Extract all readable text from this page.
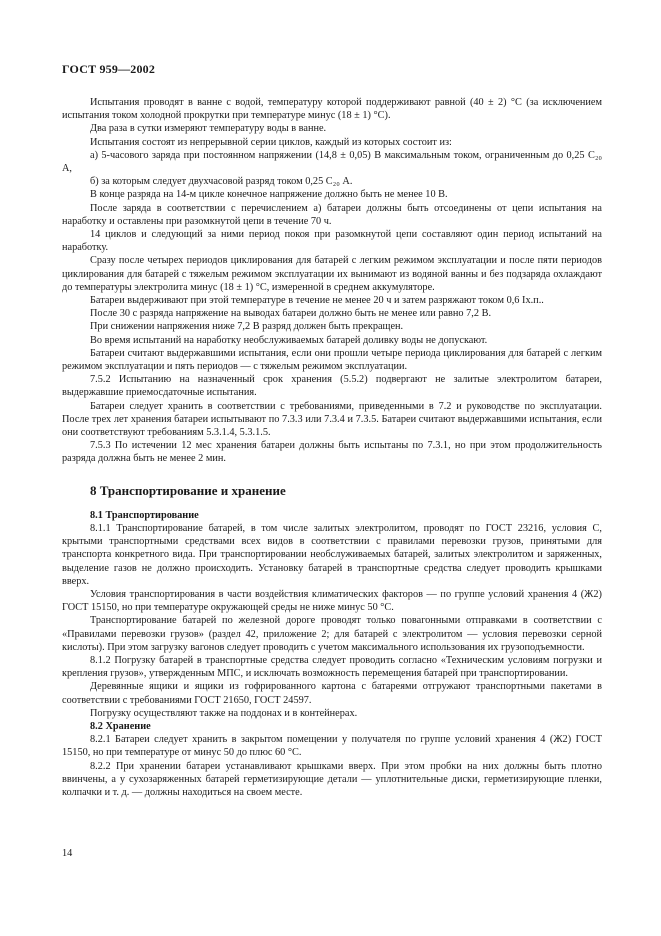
ГОСТ 959—2002

Испытания проводят в ванне с водой, температуру которой поддерживают равной (40 ± 2) °С (за исключением испытания током холодной прокрутки при температуре минус (18 ± 1) °С).

Два раза в сутки измеряют температуру воды в ванне.

Испытания состоят из непрерывной серии циклов, каждый из которых состоит из:

а) 5-часового заряда при постоянном напряжении (14,8 ± 0,05) В максимальным током, ограниченным до 0,25 C₂₀ А,

б) за которым следует двухчасовой разряд током 0,25 C₂₀ А.

В конце разряда на 14-м цикле конечное напряжение должно быть не менее 10 В.

После заряда в соответствии с перечислением а) батареи должны быть отсоединены от цепи испытания на наработку и оставлены при разомкнутой цепи в течение 70 ч.

14 циклов и следующий за ними период покоя при разомкнутой цепи составляют один период испытаний на наработку.

Сразу после четырех периодов циклирования для батарей с легким режимом эксплуатации и после пяти периодов циклирования для батарей с тяжелым режимом эксплуатации их вынимают из водяной ванны и без подзаряда охлаждают до температуры электролита минус (18 ± 1) °С, измеренной в среднем аккумуляторе.

Батареи выдерживают при этой температуре в течение не менее 20 ч и затем разряжают током 0,6 Iх.п..

После 30 с разряда напряжение на выводах батареи должно быть не менее или равно 7,2 В.

При снижении напряжения ниже 7,2 В разряд должен быть прекращен.

Во время испытаний на наработку необслуживаемых батарей доливку воды не допускают.

Батареи считают выдержавшими испытания, если они прошли четыре периода циклирования для батарей с легким режимом эксплуатации и пять периодов — с тяжелым режимом эксплуатации.

7.5.2 Испытанию на назначенный срок хранения (5.5.2) подвергают не залитые электролитом батареи, выдержавшие приемосдаточные испытания.

Батареи следует хранить в соответствии с требованиями, приведенными в 7.2 и руководстве по эксплуатации. После трех лет хранения батареи испытывают по 7.3.3 или 7.3.4 и 7.3.5. Батареи считают выдержавшими испытания, если они соответствуют требованиям 5.3.1.4, 5.3.1.5.

7.5.3 По истечении 12 мес хранения батареи должны быть испытаны по 7.3.1, но при этом продолжительность разряда должна быть не менее 2 мин.

8 Транспортирование и хранение
8.1 Транспортирование

8.1.1 Транспортирование батарей, в том числе залитых электролитом, проводят по ГОСТ 23216, условия С, крытыми транспортными средствами всех видов в соответствии с правилами перевозки грузов, принятыми для транспорта конкретного вида. При транспортировании необслуживаемых батарей, залитых электролитом и заряженных, выделение газов не должно происходить. Установку батарей в транспортные средства следует проводить крышками вверх.

Условия транспортирования в части воздействия климатических факторов — по группе условий хранения 4 (Ж2) ГОСТ 15150, но при температуре окружающей среды не ниже минус 50 °С.

Транспортирование батарей по железной дороге проводят только повагонными отправками в соответствии с «Правилами перевозки грузов» (раздел 42, приложение 2; для батарей с электролитом — условия перевозки серной кислоты). При этом загрузку вагонов следует проводить с учетом максимального использования их грузоподъемности.

8.1.2 Погрузку батарей в транспортные средства следует проводить согласно «Техническим условиям погрузки и крепления грузов», утвержденным МПС, и исключать возможность перемещения батарей при транспортировании.

Деревянные ящики и ящики из гофрированного картона с батареями отгружают транспортными пакетами в соответствии с требованиями ГОСТ 21650, ГОСТ 24597.

Погрузку осуществляют также на поддонах и в контейнерах.

8.2 Хранение

8.2.1 Батареи следует хранить в закрытом помещении у получателя по группе условий хранения 4 (Ж2) ГОСТ 15150, но при температуре от минус 50 до плюс 60 °С.

8.2.2 При хранении батареи устанавливают крышками вверх. При этом пробки на них должны быть плотно ввинчены, а у сухозаряженных батарей герметизирующие детали — уплотнительные диски, герметизирующие пленки, колпачки и т. д. — должны находиться на своем месте.

14
